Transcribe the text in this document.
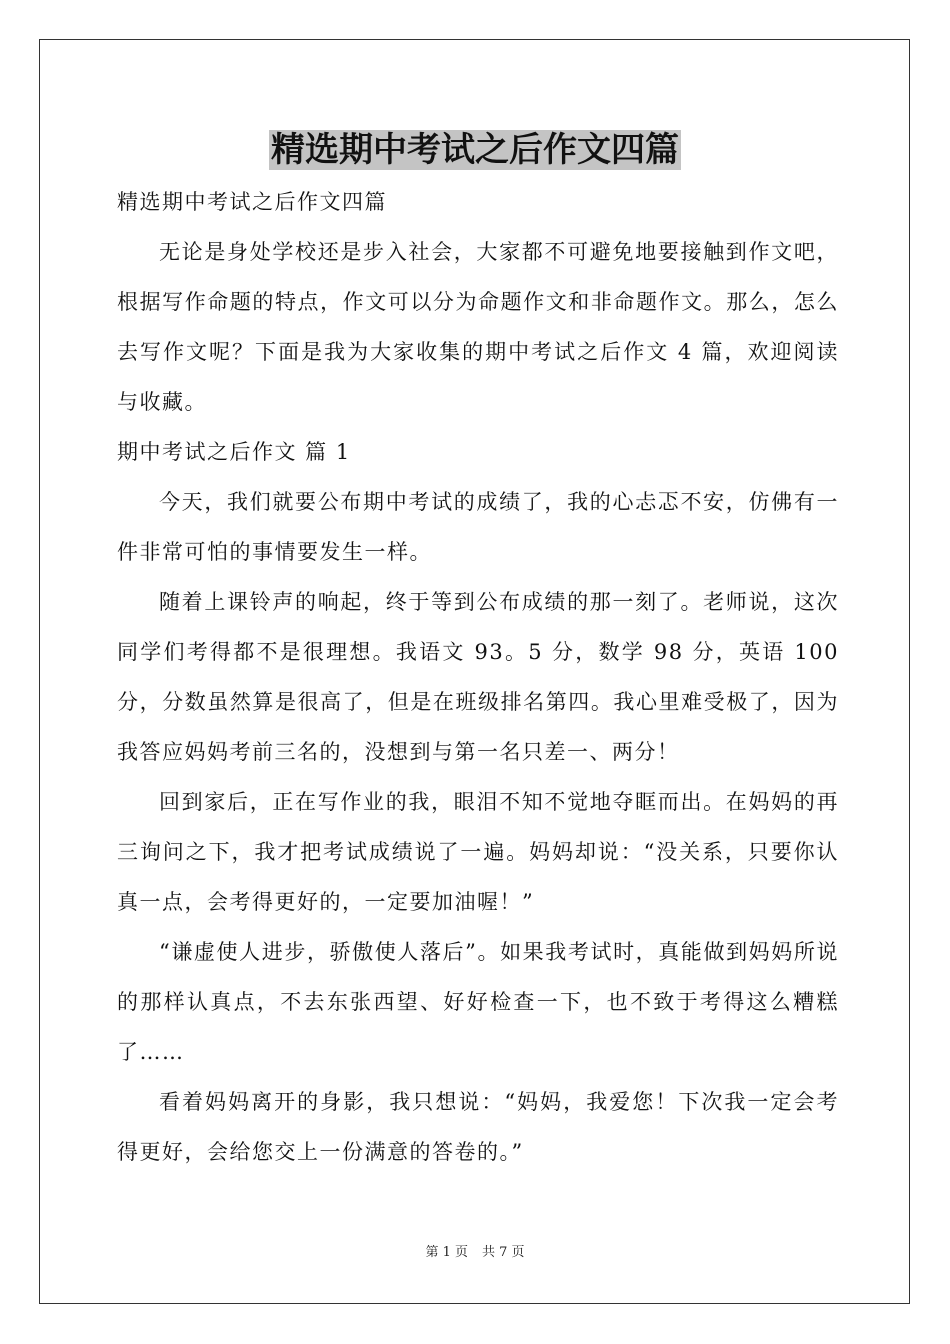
精选期中考试之后作文四篇

精选期中考试之后作文四篇

无论是身处学校还是步入社会，大家都不可避免地要接触到作文吧，根据写作命题的特点，作文可以分为命题作文和非命题作文。那么，怎么去写作文呢？下面是我为大家收集的期中考试之后作文 4 篇，欢迎阅读与收藏。

期中考试之后作文 篇 1

今天，我们就要公布期中考试的成绩了，我的心忐忑不安，仿佛有一件非常可怕的事情要发生一样。

随着上课铃声的响起，终于等到公布成绩的那一刻了。老师说，这次同学们考得都不是很理想。我语文 93。5 分，数学 98 分，英语 100 分，分数虽然算是很高了，但是在班级排名第四。我心里难受极了，因为我答应妈妈考前三名的，没想到与第一名只差一、两分！

回到家后，正在写作业的我，眼泪不知不觉地夺眶而出。在妈妈的再三询问之下，我才把考试成绩说了一遍。妈妈却说：“没关系，只要你认真一点，会考得更好的，一定要加油喔！”

“谦虚使人进步，骄傲使人落后”。如果我考试时，真能做到妈妈所说的那样认真点，不去东张西望、好好检查一下，也不致于考得这么糟糕了……

看着妈妈离开的身影，我只想说：“妈妈，我爱您！下次我一定会考得更好，会给您交上一份满意的答卷的。”

第 1 页 共 7 页
